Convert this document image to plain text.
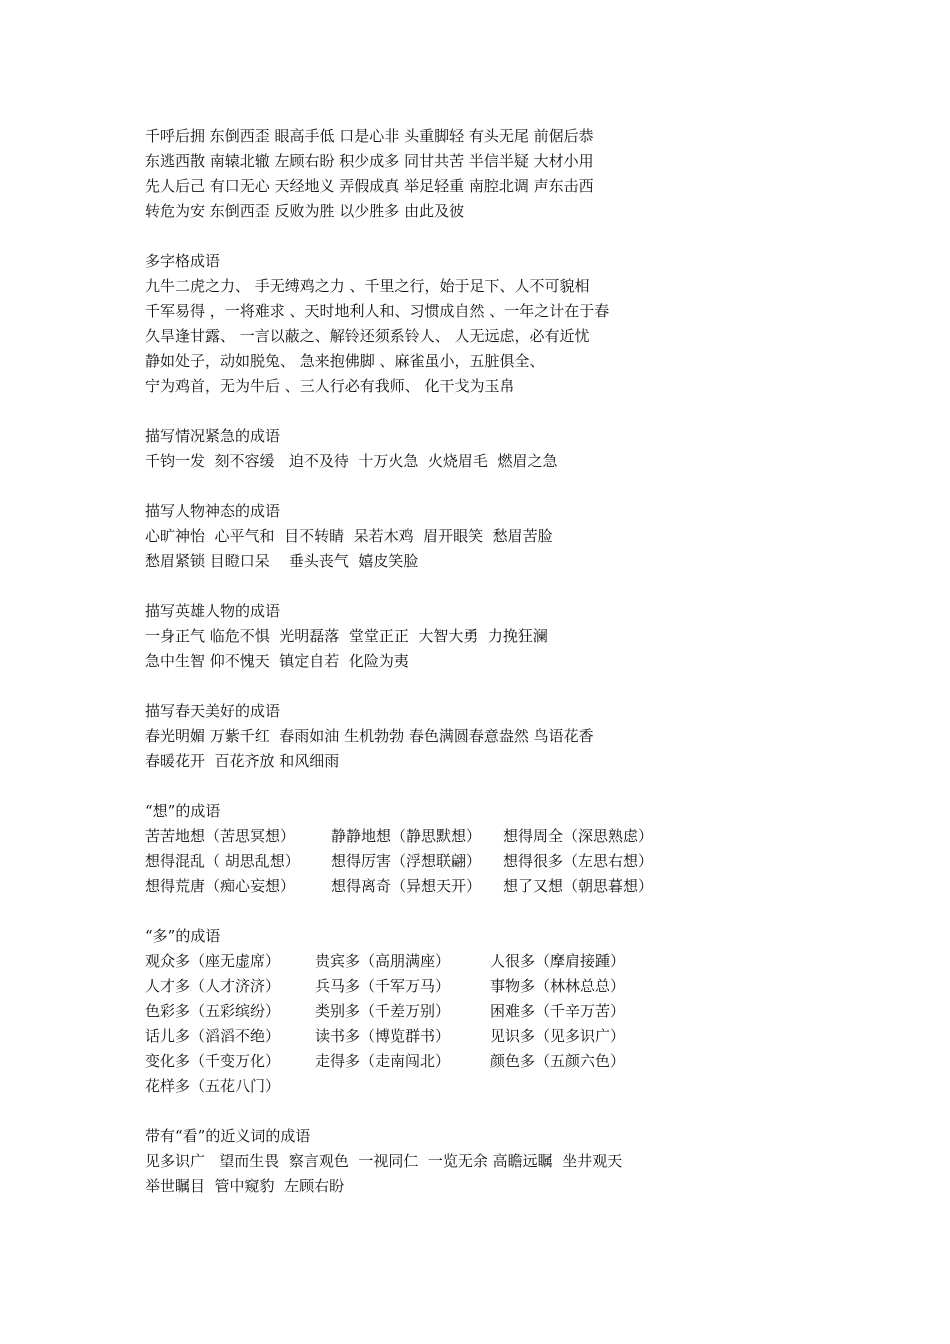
千呼后拥 东倒西歪 眼高手低 口是心非 头重脚轻 有头无尾 前倨后恭
东逃西散 南辕北辙 左顾右盼 积少成多 同甘共苦 半信半疑 大材小用
先人后己 有口无心 天经地义 弄假成真 举足轻重 南腔北调 声东击西
转危为安 东倒西歪 反败为胜 以少胜多 由此及彼
多字格成语
九牛二虎之力、 手无缚鸡之力 、千里之行，始于足下、人不可貌相
千军易得 ，一将难求 、天时地利人和、习惯成自然 、一年之计在于春
久旱逢甘露、 一言以蔽之、解铃还须系铃人、 人无远虑，必有近忧
静如处子，动如脱兔、 急来抱佛脚 、麻雀虽小，五脏俱全、
宁为鸡首，无为牛后 、三人行必有我师、 化干戈为玉帛
描写情况紧急的成语
千钧一发  刻不容缓   迫不及待  十万火急  火烧眉毛  燃眉之急
描写人物神态的成语
心旷神怡  心平气和  目不转睛  呆若木鸡  眉开眼笑  愁眉苦脸
愁眉紧锁 目瞪口呆    垂头丧气  嬉皮笑脸
描写英雄人物的成语
一身正气 临危不惧  光明磊落  堂堂正正  大智大勇  力挽狂澜
急中生智 仰不愧天  镇定自若  化险为夷
描写春天美好的成语
春光明媚 万紫千红  春雨如油 生机勃勃 春色满圆春意盎然 鸟语花香
春暖花开  百花齐放 和风细雨
“想”的成语
苦苦地想（苦思冥想）	静静地想（静思默想）	想得周全（深思熟虑）
想得混乱（ 胡思乱想）	想得厉害（浮想联翩）	想得很多（左思右想）
想得荒唐（痴心妄想）	想得离奇（异想天开）	想了又想（朝思暮想）
“多”的成语
观众多（座无虚席）	贵宾多（高朋满座）	人很多（摩肩接踵）
人才多（人才济济）	兵马多（千军万马）	事物多（林林总总）
色彩多（五彩缤纷）	类别多（千差万别）	困难多（千辛万苦）
话儿多（滔滔不绝）	读书多（博览群书）	见识多（见多识广）
变化多（千变万化）	走得多（走南闯北）	颜色多（五颜六色）
花样多（五花八门）
带有“看”的近义词的成语
见多识广   望而生畏  察言观色  一视同仁  一览无余 高瞻远瞩  坐井观天
举世瞩目  管中窥豹  左顾右盼
